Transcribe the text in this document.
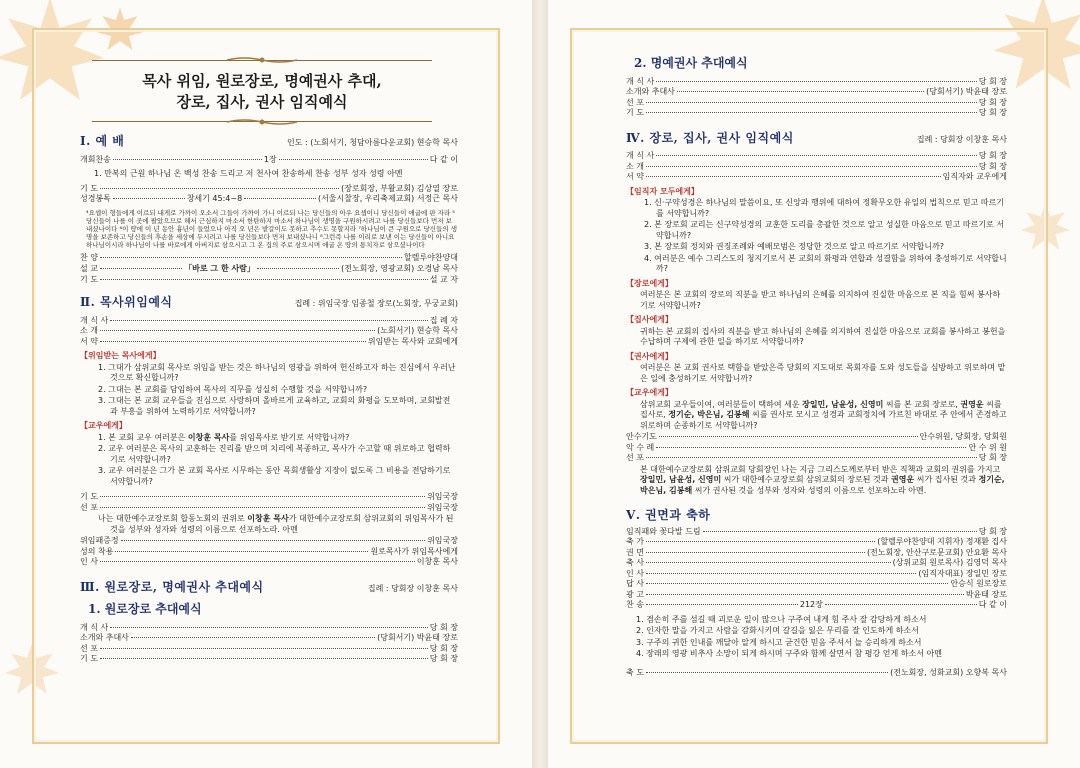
목사 위임, 원로장로, 명예권사 추대,
장로, 집사, 권사 임직예식
Ⅰ. 예 배	인도 : (노회서기, 청담아름다운교회) 현승학 목사
개회찬송	1장	다 같 이
1. 만복의 근원 하나님 온 백성 찬송 드리고 저 천사여 찬송하세 찬송 성부 성자 성령 아멘
기 도	(장로회장, 부활교회) 김상열 장로
성경봉독	창세기 45:4~8	(서울시찰장, 우리축제교회) 서정근 목사
⁴요셉이 형들에게 이르되 내게로 가까이 오소서 그들이 가까이 가니 이르되 나는 당신들의 아우 요셉이니 당신들이 애굽에 판 자라 ⁵당신들이 나를 이 곳에 팔았으므로 해서 근심하지 마소서 한탄하지 마소서 하나님이 생명을 구원하시려고 나를 당신들보다 먼저 보내셨나이다 ⁶이 땅에 이 년 동안 흉년이 들었으나 아직 오 년은 밭갈이도 못하고 추수도 못할지라 ⁷하나님이 큰 구원으로 당신들의 생명을 보존하고 당신들의 후손을 세상에 두시려고 나를 당신들보다 먼저 보내셨나니 ⁸그런즉 나를 이리로 보낸 이는 당신들이 아니요 하나님이시라 하나님이 나를 바로에게 아버지로 삼으시고 그 온 집의 주로 삼으시며 애굽 온 땅의 통치자로 삼으셨나이다
찬 양	할렐루야찬양대
설 교	「바로 그 한 사람」	(전노회장, 영광교회) 오경남 목사
기 도	설 교 자
Ⅱ. 목사위임예식	집례 : 위임국장 임종철 장로(노회장, 무궁교회)
개 식 사	집 례 자
소 개	(노회서기) 현승학 목사
서 약	위임받는 목사와 교회에게
【위임받는 목사에게】
1. 그대가 삼위교회 목사로 위임을 받는 것은 하나님의 영광을 위하여 헌신하고자 하는 진심에서 우러난 것으로 확신합니까?
2. 그대는 본 교회를 담임하여 목사의 직무를 성실히 수행할 것을 서약합니까?
3. 그대는 본 교회 교우들을 진심으로 사랑하며 올바르게 교육하고, 교회의 화평을 도모하며, 교회발전과 부흥을 위하여 노력하기로 서약합니까?
【교우에게】
1. 본 교회 교우 여러분은 이창훈 목사를 위임목사로 받기로 서약합니까?
2. 교우 여러분은 목사의 교훈하는 진리를 받으며 치리에 복종하고, 목사가 수고할 때 위로하고 협력하기로 서약합니까?
3. 교우 여러분은 그가 본 교회 목사로 시무하는 동안 목회생활상 지장이 없도록 그 비용을 전담하기로 서약합니까?
기 도	위임국장
선 포	위임국장
나는 대한예수교장로회 합동노회의 권위로 이창훈 목사가 대한예수교장로회 삼위교회의 위임목사가 된 것을 성부와 성자와 성령의 이름으로 선포하노라. 아멘
위임패증정	위임국장
성의 착용	원로목사가 위임목사에게
인 사	이창훈 목사
Ⅲ. 원로장로, 명예권사 추대예식	집례 : 당회장 이창훈 목사
1. 원로장로 추대예식
개 식 사	당 회 장
소개와 추대사	(당회서기) 박윤태 장로
선 포	당 회 장
기 도	당 회 장
2. 명예권사 추대예식
개 식 사	당 회 장
소개와 추대사	(당회서기) 박윤태 장로
선 포	당 회 장
기 도	당 회 장
Ⅳ. 장로, 집사, 권사 임직예식	집례 : 당회장 이창훈 목사
개 식 사	당 회 장
소 개	당 회 장
서 약	임직자와 교우에게
【임직자 모두에게】
1. 신·구약성경은 하나님의 말씀이요, 또 신앙과 행위에 대하여 정확무오한 유일의 법칙으로 믿고 따르기를 서약합니까?
2. 본 장로회 교리는 신구약성경의 교훈한 도리를 총괄한 것으로 알고 성실한 마음으로 믿고 따르기로 서약합니까?
3. 본 장로회 정치와 권징조례와 예배모범은 정당한 것으로 알고 따르기로 서약합니까?
4. 여러분은 예수 그리스도의 청지기로서 본 교회의 화평과 연합과 성결함을 위하여 충성하기로 서약합니까?
【장로에게】
여러분은 본 교회의 장로의 직분을 받고 하나님의 은혜를 의지하여 진실한 마음으로 본 직을 힘써 봉사하기로 서약합니까?
【집사에게】
귀하는 본 교회의 집사의 직분을 받고 하나님의 은혜를 의지하여 진실한 마음으로 교회를 봉사하고 봉헌을 수납하며 구제에 관한 일을 하기로 서약합니까?
【권사에게】
여러분은 본 교회 권사로 택함을 받았은즉 당회의 지도대로 목회자를 도와 성도들을 심방하고 위로하며 맡은 일에 충성하기로 서약합니까?
【교우에게】
삼위교회 교우들이여, 여러분들이 택하여 세운 장일민, 남윤성, 신영미 씨를 본 교회 장로로, 권영운 씨를 집사로, 정기순, 박은님, 김봉해 씨를 권사로 모시고 성경과 교회정치에 가르친 바대로 주 안에서 존경하고 위로하며 순종하기로 서약합니까?
안수기도	안수위원, 당회장, 당회원
악 수 례	안 수 위 원
선 포	당 회 장
본 대한예수교장로회 삼위교회 당회장인 나는 지금 그리스도께로부터 받은 직책과 교회의 권위를 가지고 장일민, 남윤성, 신영미 씨가 대한예수교장로회 삼위교회의 장로된 것과 권영운 씨가 집사된 것과 정기순, 박은님, 김봉해 씨가 권사된 것을 성부와 성자와 성령의 이름으로 선포하노라 아멘.
Ⅴ. 권면과 축하
임직패와 꽃다발 드림	당 회 장
축 가	(할렐루야찬양대 지휘자) 정재환 집사
권 면	(전노회장, 안산구로문교회) 안요환 목사
축 사	(상위교회 원로목사) 김영덕 목사
인 사	(임직자대표) 장일민 장로
답 사	안승식 원로장로
광 고	박윤태 장로
찬 송	212장	다 같 이
1. 겸손히 주를 섬길 때 괴로운 일이 많으나 구주여 내게 힘 주사 잘 감당하게 하소서
2. 인자한 말을 가지고 사람을 감화시키며 갈길을 잃은 무리를 잘 인도하게 하소서
3. 구주의 귀한 인내를 깨달아 알게 하시고 굳건한 믿음 주셔서 늘 승리하게 하소서
4. 장래의 영광 비추사 소망이 되게 하시며 구주와 함께 살면서 참 평강 얻게 하소서 아멘
축 도	(전노회장, 성화교회) 오향복 목사
